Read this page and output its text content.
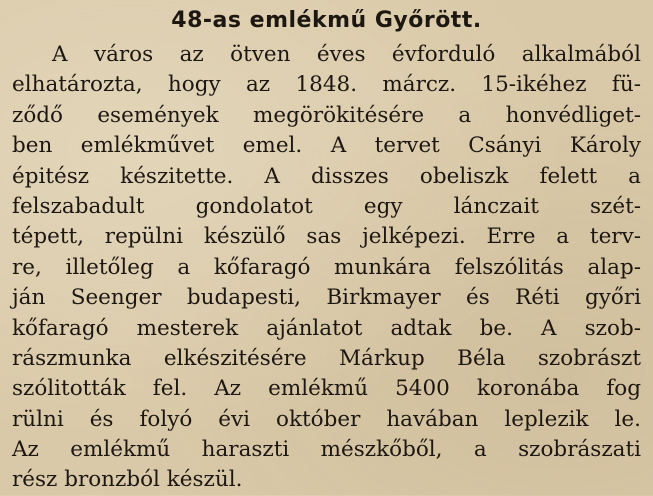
48-as emlékmű Győrött.
A város az ötven éves évforduló alkalmából
elhatározta, hogy az 1848. márcz. 15-ikéhez fü-
ződő események megörökitésére a honvédliget-
ben emlékművet emel. A tervet Csányi Károly
épitész készitette. A disszes obeliszk felett a
felszabadult gondolatot egy lánczait szét-
tépett, repülni készülő sas jelképezi. Erre a terv-
re, illetőleg a kőfaragó munkára felszólitás alap-
ján Seenger budapesti, Birkmayer és Réti győri
kőfaragó mesterek ajánlatot adtak be. A szob-
rászmunka elkészitésére Márkup Béla szobrászt
szólitották fel. Az emlékmű 5400 koronába fog
rülni és folyó évi október havában leplezik le.
Az emlékmű haraszti mészkőből, a szobrászati
rész bronzból készül.
